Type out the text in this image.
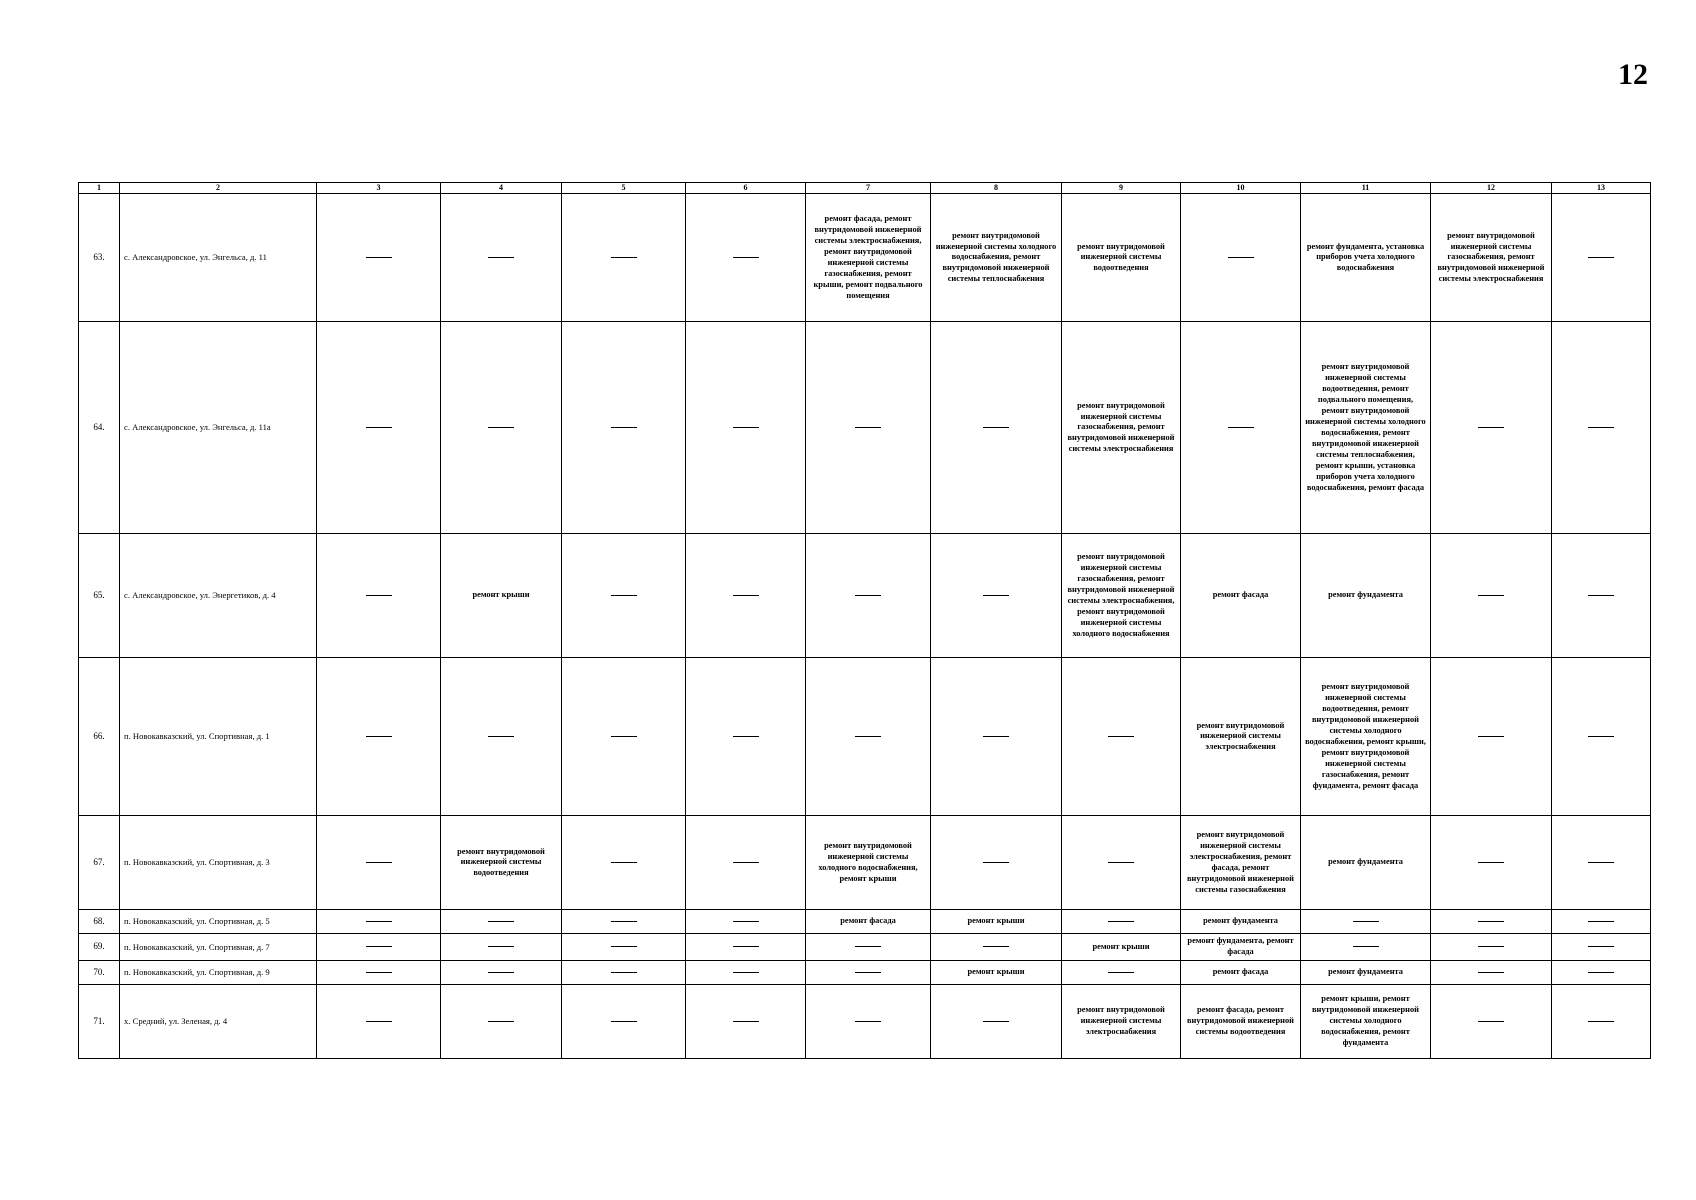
12
1	2	3	4	5	6	7	8	9	10	11	12	13
63.	с. Александровское, ул. Энгельса, д. 11					ремонт фасада, ремонт внутридомовой инженерной системы электроснабжения, ремонт внутридомовой инженерной системы газоснабжения, ремонт крыши, ремонт подвального помещения	ремонт внутридомовой инженерной системы холодного водоснабжения, ремонт внутридомовой инженерной системы теплоснабжения	ремонт внутридомовой инженерной системы водоотведения		ремонт фундамента, установка приборов учета холодного водоснабжения	ремонт внутридомовой инженерной системы газоснабжения, ремонт внутридомовой инженерной системы электроснабжения	
64.	с. Александровское, ул. Энгельса, д. 11а							ремонт внутридомовой инженерной системы газоснабжения, ремонт внутридомовой инженерной системы электроснабжения		ремонт внутридомовой инженерной системы водоотведения, ремонт подвального помещения, ремонт внутридомовой инженерной системы холодного водоснабжения, ремонт внутридомовой инженерной системы теплоснабжения, ремонт крыши, установка приборов учета холодного водоснабжения, ремонт фасада		
65.	с. Александровское, ул. Энергетиков, д. 4		ремонт крыши					ремонт внутридомовой инженерной системы газоснабжения, ремонт внутридомовой инженерной системы электроснабжения, ремонт внутридомовой инженерной системы холодного водоснабжения	ремонт фасада	ремонт фундамента		
66.	п. Новокавказский, ул. Спортивная, д. 1								ремонт внутридомовой инженерной системы электроснабжения	ремонт внутридомовой инженерной системы водоотведения, ремонт внутридомовой инженерной системы холодного водоснабжения, ремонт крыши, ремонт внутридомовой инженерной системы газоснабжения, ремонт фундамента, ремонт фасада		
67.	п. Новокавказский, ул. Спортивная, д. 3		ремонт внутридомовой инженерной системы водоотведения			ремонт внутридомовой инженерной системы холодного водоснабжения, ремонт крыши			ремонт внутридомовой инженерной системы электроснабжения, ремонт фасада, ремонт внутридомовой инженерной системы газоснабжения	ремонт фундамента		
68.	п. Новокавказский, ул. Спортивная, д. 5					ремонт фасада	ремонт крыши		ремонт фундамента			
69.	п. Новокавказский, ул. Спортивная, д. 7							ремонт крыши	ремонт фундамента, ремонт фасада			
70.	п. Новокавказский, ул. Спортивная, д. 9						ремонт крыши		ремонт фасада	ремонт фундамента		
71.	х. Средний, ул. Зеленая, д. 4							ремонт внутридомовой инженерной системы электроснабжения	ремонт фасада, ремонт внутридомовой инженерной системы водоотведения	ремонт крыши, ремонт внутридомовой инженерной системы холодного водоснабжения, ремонт фундамента		
